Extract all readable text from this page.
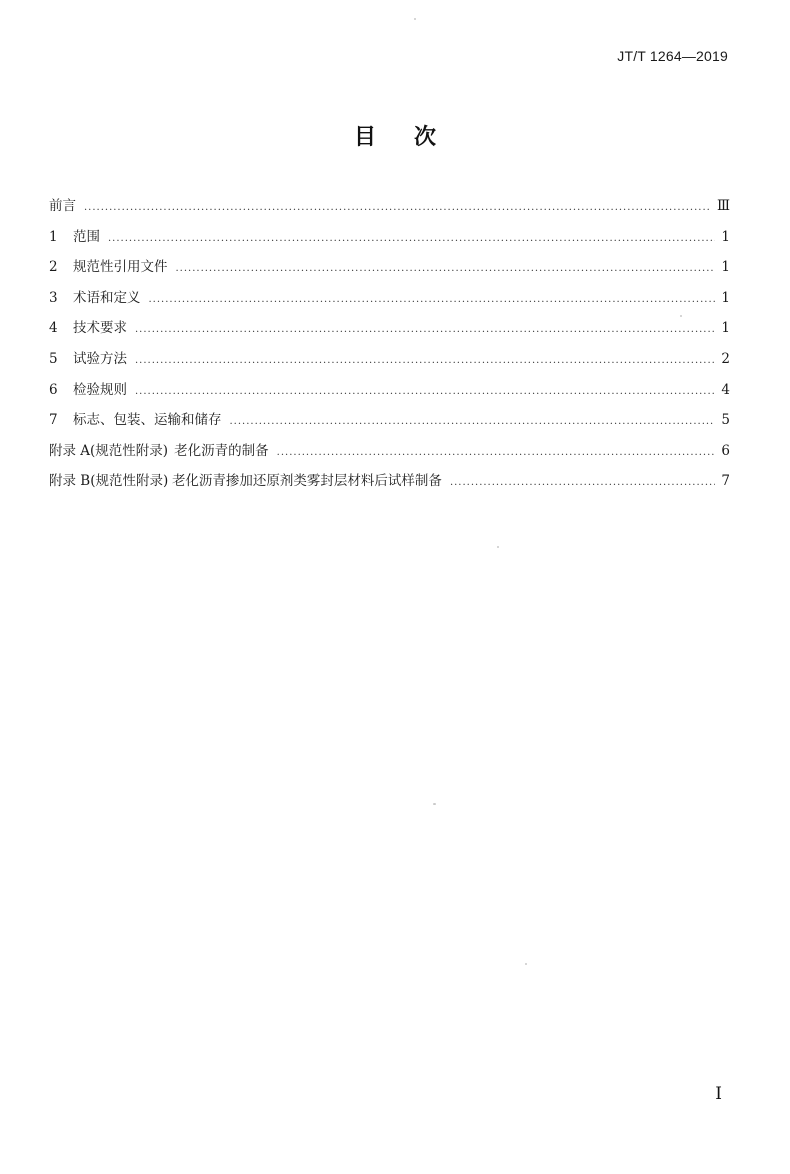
JT/T 1264—2019
目次
前言 .....	Ⅲ
1	范围 .....	1
2	规范性引用文件 .....	1
3	术语和定义 .....	1
4	技术要求 .....	1
5	试验方法 .....	2
6	检验规则 .....	4
7	标志、包装、运输和储存 .....	5
附录 A(规范性附录) 老化沥青的制备 .....	6
附录 B(规范性附录) 老化沥青掺加还原剂类雾封层材料后试样制备 .....	7
I
